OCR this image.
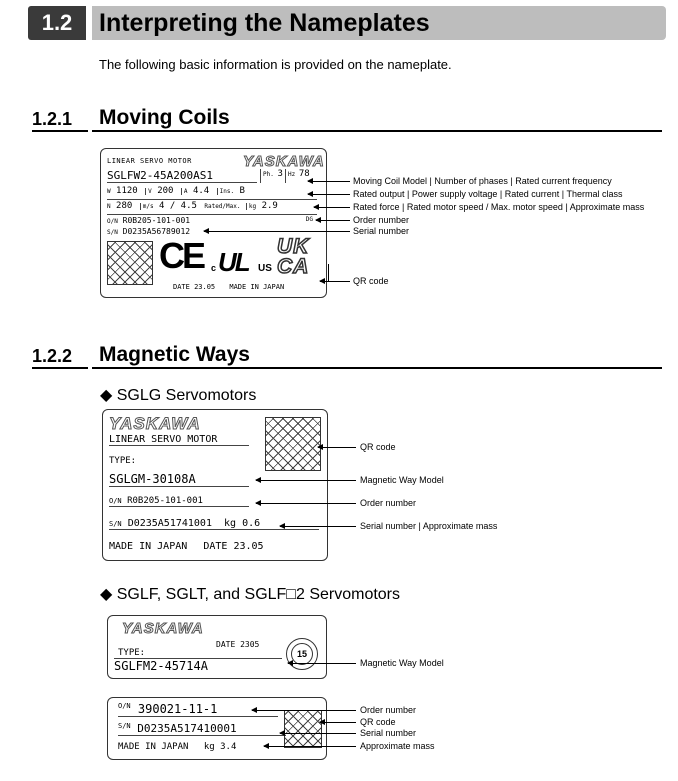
1.2	Interpreting the Nameplates
The following basic information is provided on the nameplate.
1.2.1 Moving Coils
LINEAR SERVO MOTOR	YASKAWA
SGLFW2-45A200AS1	Ph. 3 Hz 78
W 1120 V 200 A 4.4 Ins. B
N 280 m/s 4 / 4.5 Rated/Max. kg 2.9
O/N R0B205-101-001	DG
S/N D0235A56789012
CE c UL US
UK
CA
DATE 23.05 MADE IN JAPAN
Moving Coil Model | Number of phases | Rated current frequency
Rated output | Power supply voltage | Rated current | Thermal class
Rated force | Rated motor speed / Max. motor speed | Approximate mass
Order number
Serial number
QR code
1.2.2 Magnetic Ways
◆ SGLG Servomotors
YASKAWA
LINEAR SERVO MOTOR
TYPE:
SGLGM-30108A
O/N R0B205-101-001
S/N D0235A51741001 kg 0.6
MADE IN JAPAN DATE 23.05
QR code
Magnetic Way Model
Order number
Serial number | Approximate mass
◆ SGLF, SGLT, and SGLF□2 Servomotors
YASKAWA
DATE 2305
TYPE:
SGLFM2-45714A
15
Magnetic Way Model
$^{O/N}$ 390021-11-1
$^{S/N}$ D0235A517410001
MADE IN JAPAN kg 3.4
Order number
QR code
Serial number
Approximate mass
